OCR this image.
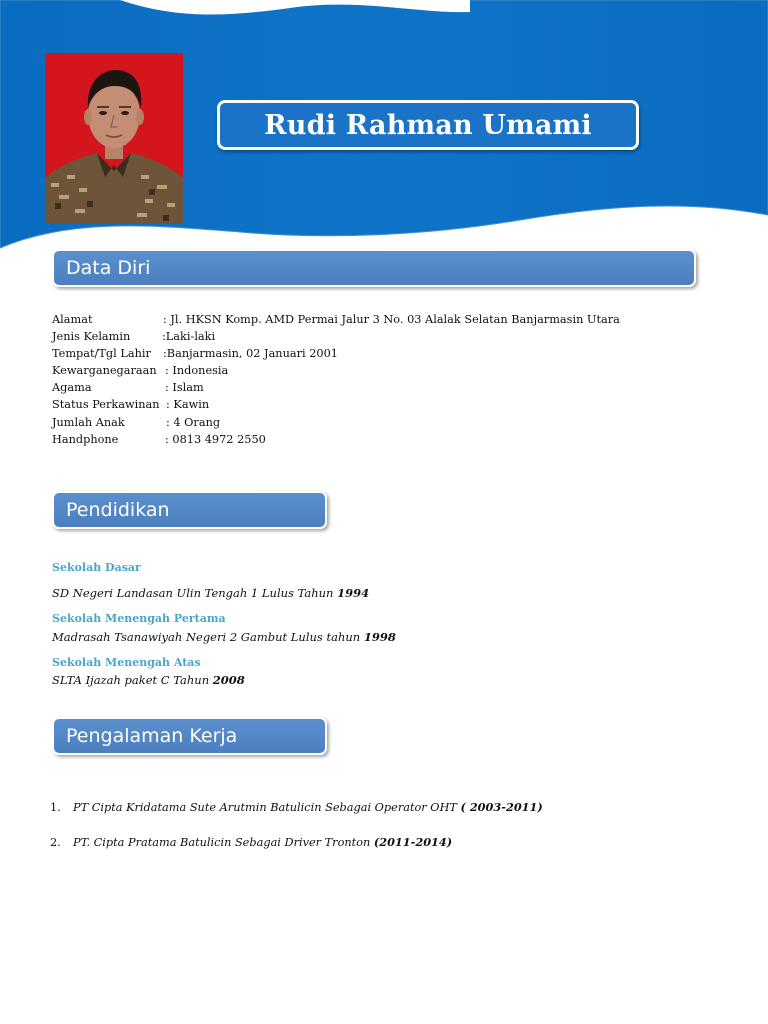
Rudi Rahman Umami
Data Diri
Alamat	: Jl. HKSN Komp. AMD Permai Jalur 3 No. 03 Alalak Selatan Banjarmasin Utara
Jenis Kelamin	:Laki-laki
Tempat/Tgl Lahir :Banjarmasin, 02 Januari 2001
Kewarganegaraan : Indonesia
Agama	: Islam
Status Perkawinan : Kawin
Jumlah Anak	: 4 Orang
Handphone	: 0813 4972 2550
Pendidikan
Sekolah Dasar
SD Negeri Landasan Ulin Tengah 1 Lulus Tahun 1994
Sekolah Menengah Pertama
Madrasah Tsanawiyah Negeri 2 Gambut Lulus tahun 1998
Sekolah Menengah Atas
SLTA Ijazah paket C Tahun 2008
Pengalaman Kerja
1. PT Cipta Kridatama Sute Arutmin Batulicin Sebagai Operator OHT ( 2003-2011)
2. PT. Cipta Pratama Batulicin Sebagai Driver Tronton (2011-2014)
